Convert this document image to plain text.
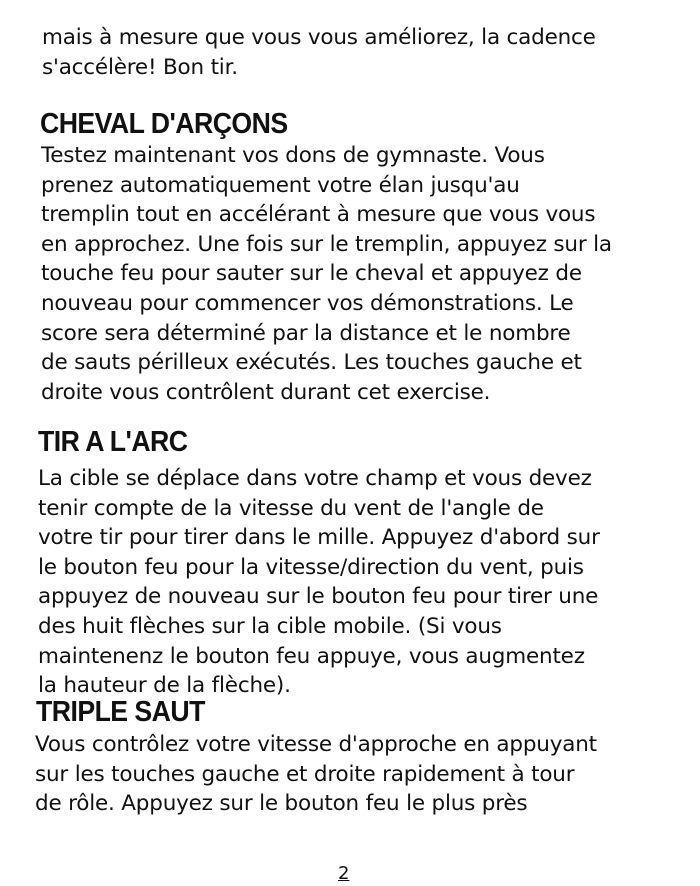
mais à mesure que vous vous améliorez, la cadence
s'accélère! Bon tir.
CHEVAL D'ARÇONS
Testez maintenant vos dons de gymnaste. Vous
prenez automatiquement votre élan jusqu'au
tremplin tout en accélérant à mesure que vous vous
en approchez. Une fois sur le tremplin, appuyez sur la
touche feu pour sauter sur le cheval et appuyez de
nouveau pour commencer vos démonstrations. Le
score sera déterminé par la distance et le nombre
de sauts périlleux exécutés. Les touches gauche et
droite vous contrôlent durant cet exercise.
TIR A L'ARC
La cible se déplace dans votre champ et vous devez
tenir compte de la vitesse du vent de l'angle de
votre tir pour tirer dans le mille. Appuyez d'abord sur
le bouton feu pour la vitesse/direction du vent, puis
appuyez de nouveau sur le bouton feu pour tirer une
des huit flèches sur la cible mobile. (Si vous
maintenenz le bouton feu appuye, vous augmentez
la hauteur de la flèche).
TRIPLE SAUT
Vous contrôlez votre vitesse d'approche en appuyant
sur les touches gauche et droite rapidement à tour
de rôle. Appuyez sur le bouton feu le plus près
2
